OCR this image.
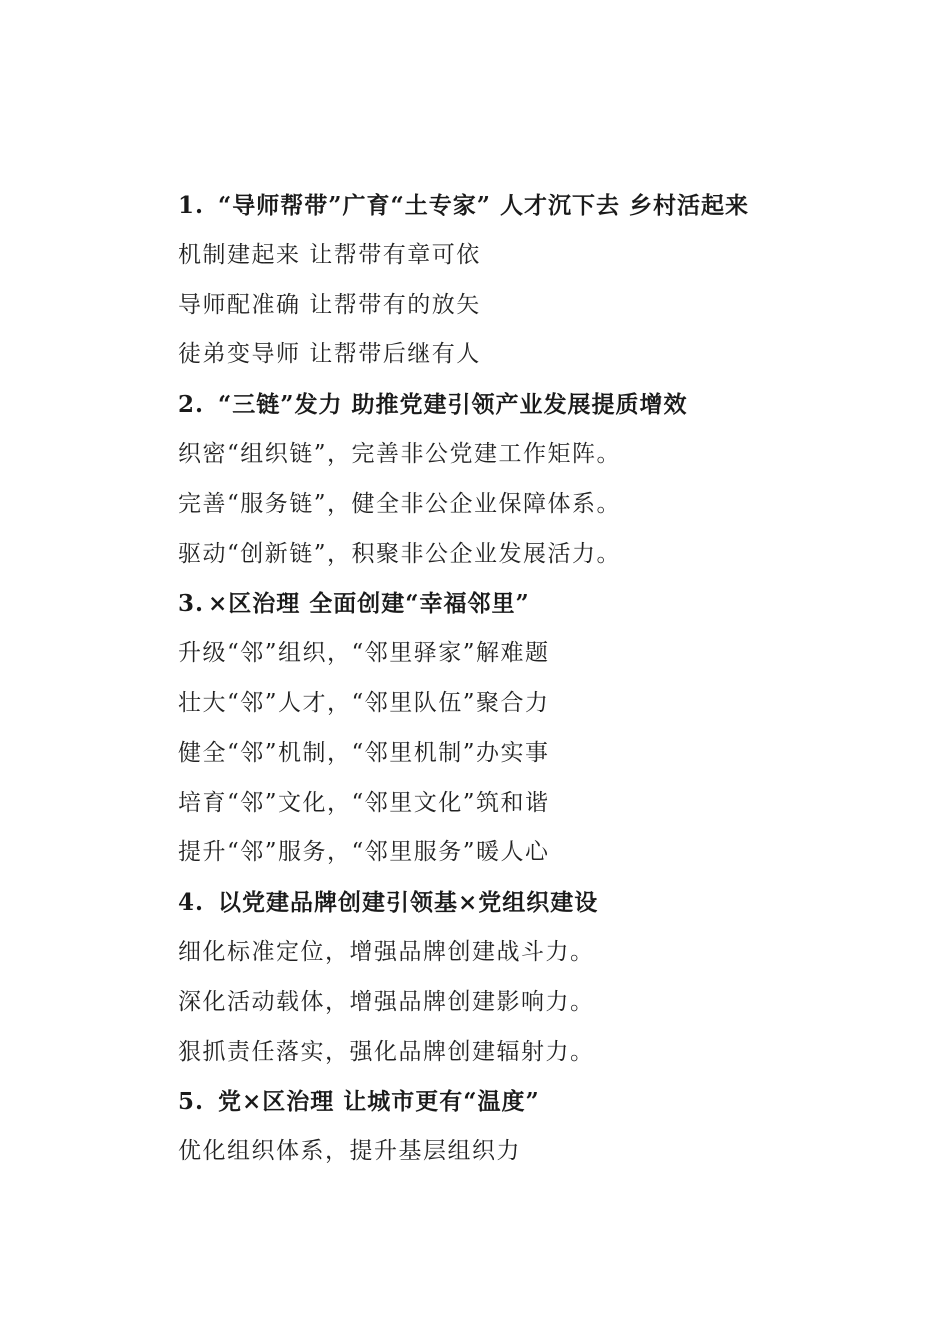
1. “导师帮带”广育“土专家” 人才沉下去 乡村活起来
机制建起来 让帮带有章可依
导师配准确 让帮带有的放矢
徒弟变导师 让帮带后继有人
2. “三链”发力 助推党建引领产业发展提质增效
织密“组织链”，完善非公党建工作矩阵。
完善“服务链”，健全非公企业保障体系。
驱动“创新链”，积聚非公企业发展活力。
3. ×区治理 全面创建“幸福邻里”
升级“邻”组织，“邻里驿家”解难题
壮大“邻”人才，“邻里队伍”聚合力
健全“邻”机制，“邻里机制”办实事
培育“邻”文化，“邻里文化”筑和谐
提升“邻”服务，“邻里服务”暖人心
4. 以党建品牌创建引领基×党组织建设
细化标准定位，增强品牌创建战斗力。
深化活动载体，增强品牌创建影响力。
狠抓责任落实，强化品牌创建辐射力。
5. 党×区治理 让城市更有“温度”
优化组织体系，提升基层组织力
